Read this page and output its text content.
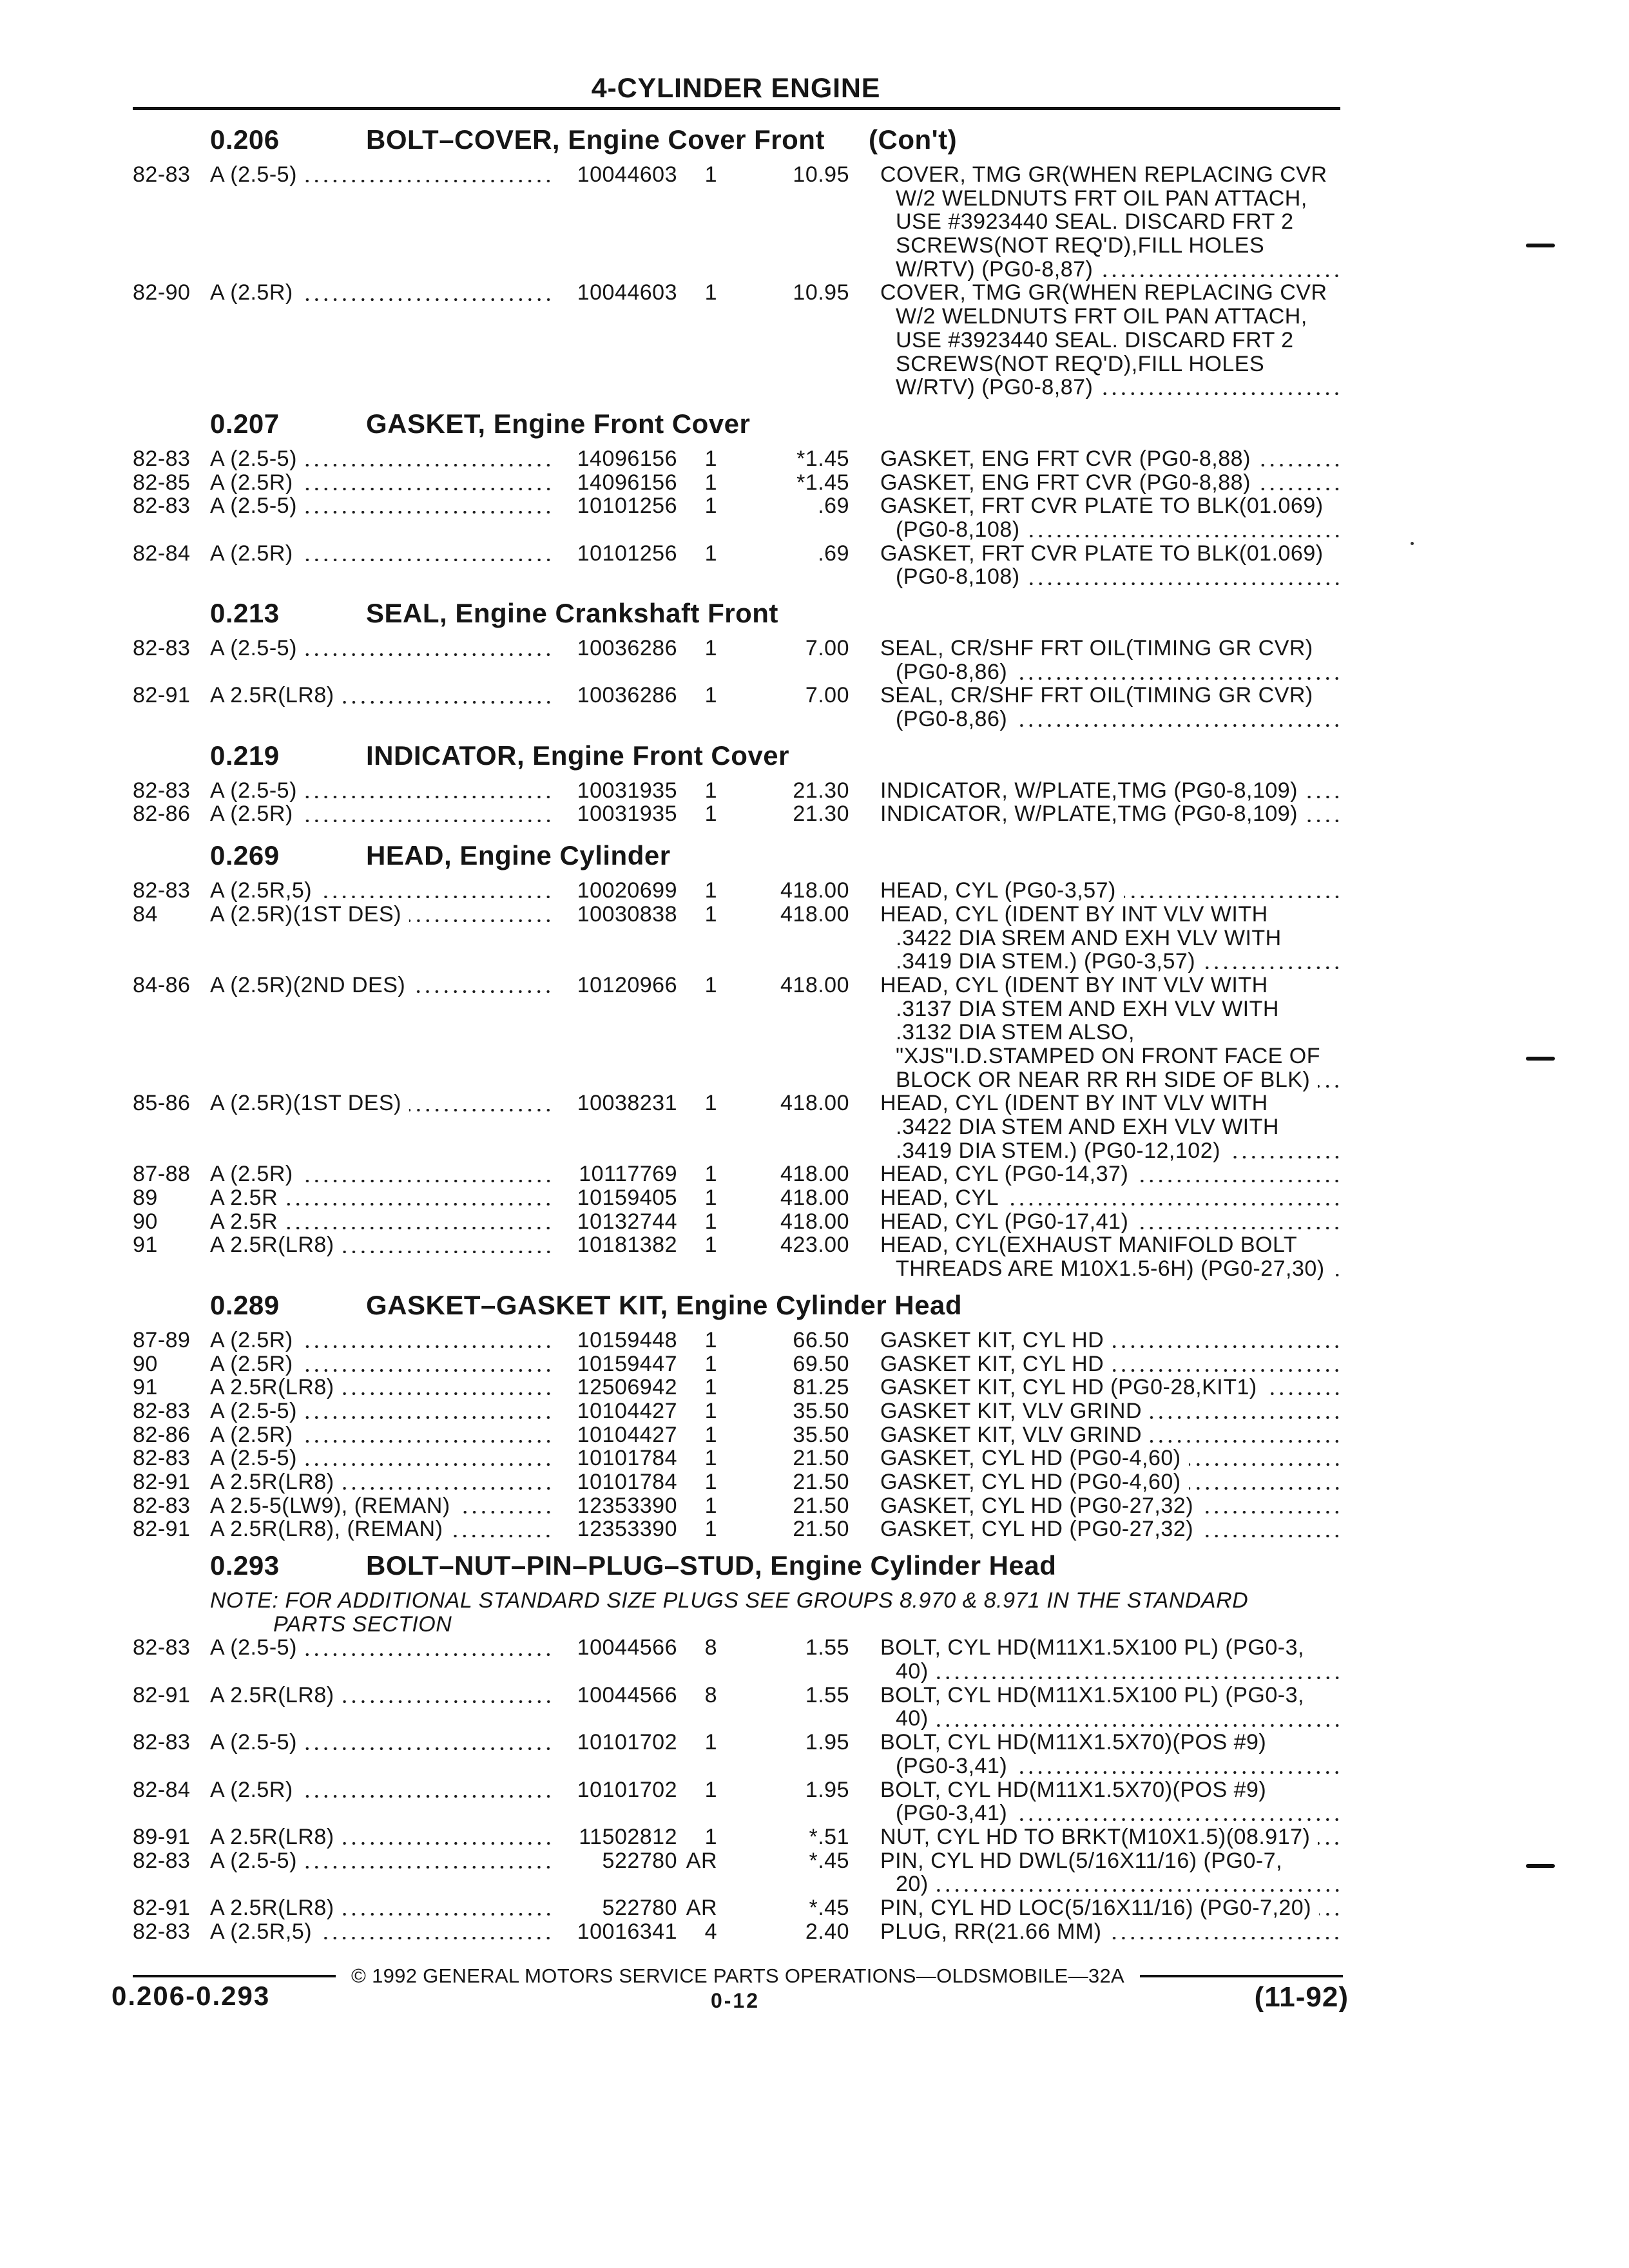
4-CYLINDER ENGINE
0.206	BOLT–COVER, Engine Cover Front (Con't)
82-83 A (2.5-5)	10044603	1	10.95 COVER, TMG GR(WHEN REPLACING CVR
W/2 WELDNUTS FRT OIL PAN ATTACH,
USE #3923440 SEAL. DISCARD FRT 2
SCREWS(NOT REQ'D),FILL HOLES
W/RTV) (PG0-8,87)
82-90 A (2.5R)	10044603	1	10.95 COVER, TMG GR(WHEN REPLACING CVR
W/2 WELDNUTS FRT OIL PAN ATTACH,
USE #3923440 SEAL. DISCARD FRT 2
SCREWS(NOT REQ'D),FILL HOLES
W/RTV) (PG0-8,87)
0.207	GASKET, Engine Front Cover
82-83 A (2.5-5)	14096156	1	*1.45 GASKET, ENG FRT CVR (PG0-8,88)
82-85 A (2.5R)	14096156	1	*1.45 GASKET, ENG FRT CVR (PG0-8,88)
82-83 A (2.5-5)	10101256	1	.69 GASKET, FRT CVR PLATE TO BLK(01.069)
(PG0-8,108)
82-84 A (2.5R)	10101256	1	.69 GASKET, FRT CVR PLATE TO BLK(01.069)
(PG0-8,108)
0.213	SEAL, Engine Crankshaft Front
82-83 A (2.5-5)	10036286	1	7.00 SEAL, CR/SHF FRT OIL(TIMING GR CVR)
(PG0-8,86)
82-91 A 2.5R(LR8)	10036286	1	7.00 SEAL, CR/SHF FRT OIL(TIMING GR CVR)
(PG0-8,86)
0.219	INDICATOR, Engine Front Cover
82-83 A (2.5-5)	10031935	1	21.30 INDICATOR, W/PLATE,TMG (PG0-8,109)
82-86 A (2.5R)	10031935	1	21.30 INDICATOR, W/PLATE,TMG (PG0-8,109)
0.269	HEAD, Engine Cylinder
82-83 A (2.5R,5)	10020699	1	418.00 HEAD, CYL (PG0-3,57)
84 A (2.5R)(1ST DES)	10030838	1	418.00 HEAD, CYL (IDENT BY INT VLV WITH
.3422 DIA SREM AND EXH VLV WITH
.3419 DIA STEM.) (PG0-3,57)
84-86 A (2.5R)(2ND DES)	10120966	1	418.00 HEAD, CYL (IDENT BY INT VLV WITH
.3137 DIA STEM AND EXH VLV WITH
.3132 DIA STEM ALSO,
"XJS"I.D.STAMPED ON FRONT FACE OF
BLOCK OR NEAR RR RH SIDE OF BLK)
85-86 A (2.5R)(1ST DES)	10038231	1	418.00 HEAD, CYL (IDENT BY INT VLV WITH
.3422 DIA STEM AND EXH VLV WITH
.3419 DIA STEM.) (PG0-12,102)
87-88 A (2.5R)	10117769	1	418.00 HEAD, CYL (PG0-14,37)
89 A 2.5R	10159405	1	418.00 HEAD, CYL
90 A 2.5R	10132744	1	418.00 HEAD, CYL (PG0-17,41)
91 A 2.5R(LR8)	10181382	1	423.00 HEAD, CYL(EXHAUST MANIFOLD BOLT
THREADS ARE M10X1.5-6H) (PG0-27,30)
0.289	GASKET–GASKET KIT, Engine Cylinder Head
87-89 A (2.5R)	10159448	1	66.50 GASKET KIT, CYL HD
90 A (2.5R)	10159447	1	69.50 GASKET KIT, CYL HD
91 A 2.5R(LR8)	12506942	1	81.25 GASKET KIT, CYL HD (PG0-28,KIT1)
82-83 A (2.5-5)	10104427	1	35.50 GASKET KIT, VLV GRIND
82-86 A (2.5R)	10104427	1	35.50 GASKET KIT, VLV GRIND
82-83 A (2.5-5)	10101784	1	21.50 GASKET, CYL HD (PG0-4,60)
82-91 A 2.5R(LR8)	10101784	1	21.50 GASKET, CYL HD (PG0-4,60)
82-83 A 2.5-5(LW9), (REMAN)	12353390	1	21.50 GASKET, CYL HD (PG0-27,32)
82-91 A 2.5R(LR8), (REMAN)	12353390	1	21.50 GASKET, CYL HD (PG0-27,32)
0.293	BOLT–NUT–PIN–PLUG–STUD, Engine Cylinder Head
NOTE: FOR ADDITIONAL STANDARD SIZE PLUGS SEE GROUPS 8.970 & 8.971 IN THE STANDARD
PARTS SECTION
82-83 A (2.5-5)	10044566	8	1.55 BOLT, CYL HD(M11X1.5X100 PL) (PG0-3,
40)
82-91 A 2.5R(LR8)	10044566	8	1.55 BOLT, CYL HD(M11X1.5X100 PL) (PG0-3,
40)
82-83 A (2.5-5)	10101702	1	1.95 BOLT, CYL HD(M11X1.5X70)(POS #9)
(PG0-3,41)
82-84 A (2.5R)	10101702	1	1.95 BOLT, CYL HD(M11X1.5X70)(POS #9)
(PG0-3,41)
89-91 A 2.5R(LR8)	11502812	1	*.51 NUT, CYL HD TO BRKT(M10X1.5)(08.917)
82-83 A (2.5-5)	522780 AR	*.45 PIN, CYL HD DWL(5/16X11/16) (PG0-7,
20)
82-91 A 2.5R(LR8)	522780 AR	*.45 PIN, CYL HD LOC(5/16X11/16) (PG0-7,20)
82-83 A (2.5R,5)	10016341	4	2.40 PLUG, RR(21.66 MM)
© 1992 GENERAL MOTORS SERVICE PARTS OPERATIONS—OLDSMOBILE—32A
0.206-0.293	0-12	(11-92)
